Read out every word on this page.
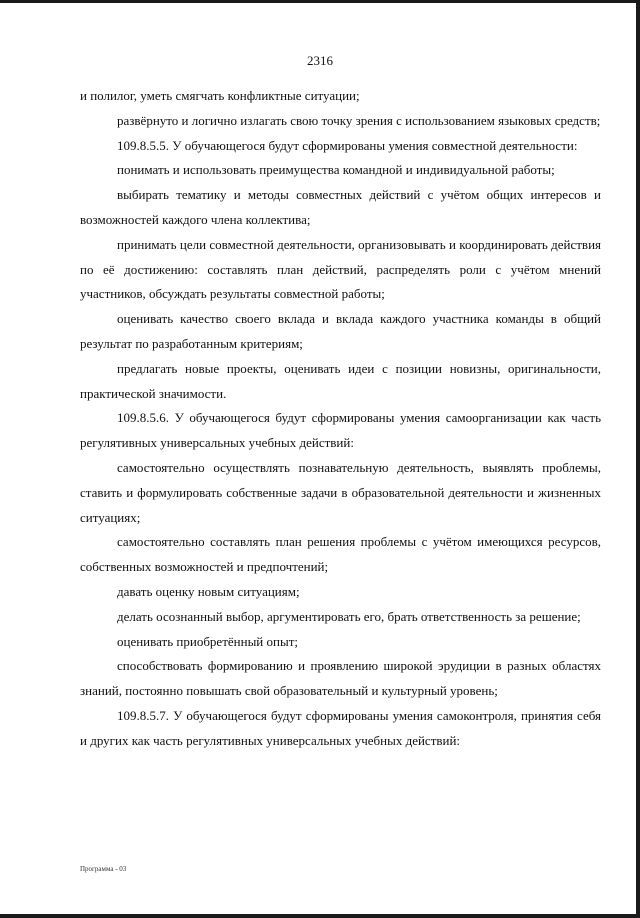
2316

и полилог, уметь смягчать конфликтные ситуации;

развёрнуто и логично излагать свою точку зрения с использованием языковых средств;

109.8.5.5. У обучающегося будут сформированы умения совместной деятельности:

понимать и использовать преимущества командной и индивидуальной работы;

выбирать тематику и методы совместных действий с учётом общих интересов и возможностей каждого члена коллектива;

принимать цели совместной деятельности, организовывать и координировать действия по её достижению: составлять план действий, распределять роли с учётом мнений участников, обсуждать результаты совместной работы;

оценивать качество своего вклада и вклада каждого участника команды в общий результат по разработанным критериям;

предлагать новые проекты, оценивать идеи с позиции новизны, оригинальности, практической значимости.

109.8.5.6. У обучающегося будут сформированы умения самоорганизации как часть регулятивных универсальных учебных действий:

самостоятельно осуществлять познавательную деятельность, выявлять проблемы, ставить и формулировать собственные задачи в образовательной деятельности и жизненных ситуациях;

самостоятельно составлять план решения проблемы с учётом имеющихся ресурсов, собственных возможностей и предпочтений;

давать оценку новым ситуациям;

делать осознанный выбор, аргументировать его, брать ответственность за решение;

оценивать приобретённый опыт;

способствовать формированию и проявлению широкой эрудиции в разных областях знаний, постоянно повышать свой образовательный и культурный уровень;

109.8.5.7. У обучающегося будут сформированы умения самоконтроля, принятия себя и других как часть регулятивных универсальных учебных действий:

Программа - 03
